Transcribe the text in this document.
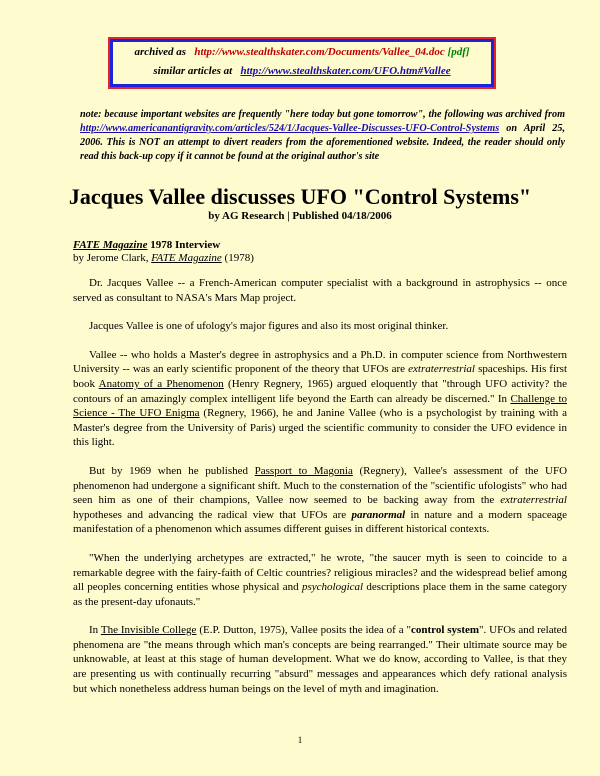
archived as http://www.stealthskater.com/Documents/Vallee_04.doc [pdf]
similar articles at http://www.stealthskater.com/UFO.htm#Vallee
note: because important websites are frequently "here today but gone tomorrow", the following was archived from http://www.americanantigravity.com/articles/524/1/Jacques-Vallee-Discusses-UFO-Control-Systems on April 25, 2006. This is NOT an attempt to divert readers from the aforementioned website. Indeed, the reader should only read this back-up copy if it cannot be found at the original author's site
Jacques Vallee discusses UFO "Control Systems"
by AG Research | Published 04/18/2006
FATE Magazine 1978 Interview
by Jerome Clark, FATE Magazine (1978)

Dr. Jacques Vallee -- a French-American computer specialist with a background in astrophysics -- once served as consultant to NASA's Mars Map project.

Jacques Vallee is one of ufology's major figures and also its most original thinker.

Vallee -- who holds a Master's degree in astrophysics and a Ph.D. in computer science from Northwestern University -- was an early scientific proponent of the theory that UFOs are extraterrestrial spaceships. His first book Anatomy of a Phenomenon (Henry Regnery, 1965) argued eloquently that "through UFO activity? the contours of an amazingly complex intelligent life beyond the Earth can already be discerned." In Challenge to Science - The UFO Enigma (Regnery, 1966), he and Janine Vallee (who is a psychologist by training with a Master's degree from the University of Paris) urged the scientific community to consider the UFO evidence in this light.

But by 1969 when he published Passport to Magonia (Regnery), Vallee's assessment of the UFO phenomenon had undergone a significant shift. Much to the consternation of the "scientific ufologists" who had seen him as one of their champions, Vallee now seemed to be backing away from the extraterrestrial hypotheses and advancing the radical view that UFOs are paranormal in nature and a modern spaceage manifestation of a phenomenon which assumes different guises in different historical contexts.

"When the underlying archetypes are extracted," he wrote, "the saucer myth is seen to coincide to a remarkable degree with the fairy-faith of Celtic countries? religious miracles? and the widespread belief among all peoples concerning entities whose physical and psychological descriptions place them in the same category as the present-day ufonauts."

In The Invisible College (E.P. Dutton, 1975), Vallee posits the idea of a "control system". UFOs and related phenomena are "the means through which man's concepts are being rearranged." Their ultimate source may be unknowable, at least at this stage of human development. What we do know, according to Vallee, is that they are presenting us with continually recurring "absurd" messages and appearances which defy rational analysis but which nonetheless address human beings on the level of myth and imagination.

1
